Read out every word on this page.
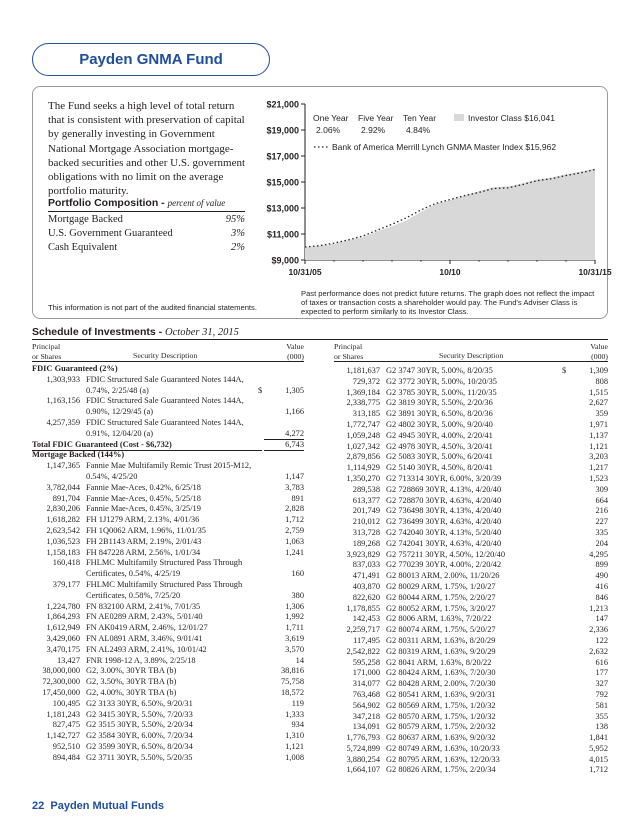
Payden GNMA Fund
The Fund seeks a high level of total return
that is consistent with preservation of capital
by generally investing in Government
National Mortgage Association mortgage-
backed securities and other U.S. government
obligations with no limit on the average
portfolio maturity.
Portfolio Composition - percent of value
Mortgage Backed	95%
U.S. Government Guaranteed	3%
Cash Equivalent	2%
This information is not part of the audited financial statements.
$21,000
$19,000
$17,000
$15,000
$13,000
$11,000
$9,000
10/31/05	10/10	10/31/15
One Year Five Year Ten Year
2.06% 2.92% 4.84%
Investor Class $16,041
Bank of America Merrill Lynch GNMA Master Index $15,962
Past performance does not predict future returns. The graph does not reflect the impact of taxes or transaction costs a shareholder would pay. The Fund's Adviser Class is expected to perform similarly to its Investor Class.
Schedule of Investments - October 31, 2015
Principal
or Shares	Security Description
Value
(000)
Principal
or Shares	Security Description
Value
(000)
FDIC Guaranteed (2%)
1,303,933 FDIC Structured Sale Guaranteed Notes 144A,
0.74%, 2/25/48 (a)	$	1,305
1,163,156 FDIC Structured Sale Guaranteed Notes 144A,
0.90%, 12/29/45 (a)	1,166
4,257,359 FDIC Structured Sale Guaranteed Notes 144A,
0.91%, 12/04/20 (a)	4,272
Total FDIC Guaranteed (Cost - $6,732)	6,743
Mortgage Backed (144%)
1,147,365 Fannie Mae Multifamily Remic Trust 2015-M12,
0.54%, 4/25/20	1,147
3,782,044 Fannie Mae-Aces, 0.42%, 6/25/18	3,783
891,704 Fannie Mae-Aces, 0.45%, 5/25/18	891
2,830,206 Fannie Mae-Aces, 0.45%, 3/25/19	2,828
1,618,282 FH 1J1279 ARM, 2.13%, 4/01/36	1,712
2,623,542 FH 1Q0062 ARM, 1.96%, 11/01/35	2,759
1,036,523 FH 2B1143 ARM, 2.19%, 2/01/43	1,063
1,158,183 FH 847228 ARM, 2.56%, 1/01/34	1,241
160,418 FHLMC Multifamily Structured Pass Through
Certificates, 0.54%, 4/25/19	160
379,177 FHLMC Multifamily Structured Pass Through
Certificates, 0.58%, 7/25/20	380
1,224,780 FN 832100 ARM, 2.41%, 7/01/35	1,306
1,864,293 FN AE0289 ARM, 2.43%, 5/01/40	1,992
1,612,949 FN AK0419 ARM, 2.46%, 12/01/27	1,711
3,429,060 FN AL0891 ARM, 3.46%, 9/01/41	3,619
3,470,175 FN AL2493 ARM, 2.41%, 10/01/42	3,570
13,427 FNR 1998-12 A, 3.89%, 2/25/18	14
38,000,000 G2, 3.00%, 30YR TBA (b)	38,816
72,300,000 G2, 3.50%, 30YR TBA (b)	75,758
17,450,000 G2, 4.00%, 30YR TBA (b)	18,572
100,495 G2 3133 30YR, 6.50%, 9/20/31	119
1,181,243 G2 3415 30YR, 5.50%, 7/20/33	1,333
827,475 G2 3515 30YR, 5.50%, 2/20/34	934
1,142,727 G2 3584 30YR, 6.00%, 7/20/34	1,310
952,510 G2 3599 30YR, 6.50%, 8/20/34	1,121
894,484 G2 3711 30YR, 5.50%, 5/20/35	1,008
1,181,637 G2 3747 30YR, 5.00%, 8/20/35	$	1,309
729,372 G2 3772 30YR, 5.00%, 10/20/35	808
1,369,184 G2 3785 30YR, 5.00%, 11/20/35	1,515
2,338,775 G2 3819 30YR, 5.50%, 2/20/36	2,627
313,185 G2 3891 30YR, 6.50%, 8/20/36	359
1,772,747 G2 4802 30YR, 5.00%, 9/20/40	1,971
1,059,248 G2 4945 30YR, 4.00%, 2/20/41	1,137
1,027,342 G2 4978 30YR, 4.50%, 3/20/41	1,121
2,879,856 G2 5083 30YR, 5.00%, 6/20/41	3,203
1,114,929 G2 5140 30YR, 4.50%, 8/20/41	1,217
1,350,270 G2 713314 30YR, 6.00%, 3/20/39	1,523
289,538 G2 728869 30YR, 4.13%, 4/20/40	309
613,377 G2 728870 30YR, 4.63%, 4/20/40	664
201,749 G2 736498 30YR, 4.13%, 4/20/40	216
210,012 G2 736499 30YR, 4.63%, 4/20/40	227
313,728 G2 742040 30YR, 4.13%, 5/20/40	335
189,268 G2 742041 30YR, 4.63%, 4/20/40	204
3,923,829 G2 757211 30YR, 4.50%, 12/20/40	4,295
837,033 G2 770239 30YR, 4.00%, 2/20/42	899
471,491 G2 80013 ARM, 2.00%, 11/20/26	490
403,870 G2 80029 ARM, 1.75%, 1/20/27	416
822,620 G2 80044 ARM, 1.75%, 2/20/27	846
1,178,855 G2 80052 ARM, 1.75%, 3/20/27	1,213
142,453 G2 8006 ARM, 1.63%, 7/20/22	147
2,259,717 G2 80074 ARM, 1.75%, 5/20/27	2,336
117,495 G2 80311 ARM, 1.63%, 8/20/29	122
2,542,822 G2 80319 ARM, 1.63%, 9/20/29	2,632
595,258 G2 8041 ARM, 1.63%, 8/20/22	616
171,000 G2 80424 ARM, 1.63%, 7/20/30	177
314,077 G2 80428 ARM, 2.00%, 7/20/30	327
763,468 G2 80541 ARM, 1.63%, 9/20/31	792
564,902 G2 80569 ARM, 1.75%, 1/20/32	581
347,218 G2 80570 ARM, 1.75%, 1/20/32	355
134,091 G2 80579 ARM, 1.75%, 2/20/32	138
1,776,793 G2 80637 ARM, 1.63%, 9/20/32	1,841
5,724,899 G2 80749 ARM, 1.63%, 10/20/33	5,952
3,880,254 G2 80795 ARM, 1.63%, 12/20/33	4,015
1,664,107 G2 80826 ARM, 1.75%, 2/20/34	1,712
22 Payden Mutual Funds
